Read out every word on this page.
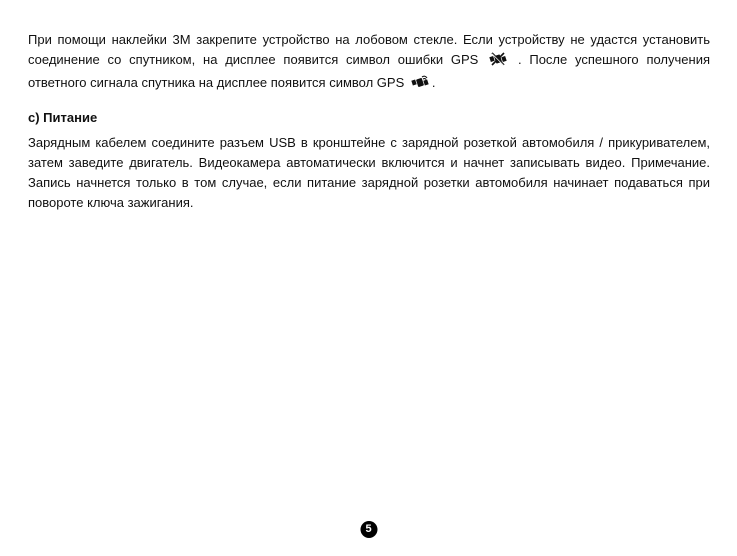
При помощи наклейки 3M закрепите устройство на лобовом стекле. Если устройству не удастся установить соединение со спутником, на дисплее появится символ ошибки GPS	. После успешного получения ответного сигнала спутника на дисплее появится символ GPS .

c) Питание

Зарядным кабелем соедините разъем USB в кронштейне с зарядной розеткой автомобиля / прикуривателем, затем заведите двигатель. Видеокамера автоматически включится и начнет записывать видео. Примечание. Запись начнется только в том случае, если питание зарядной розетки автомобиля начинает подаваться при повороте ключа зажигания.

5
